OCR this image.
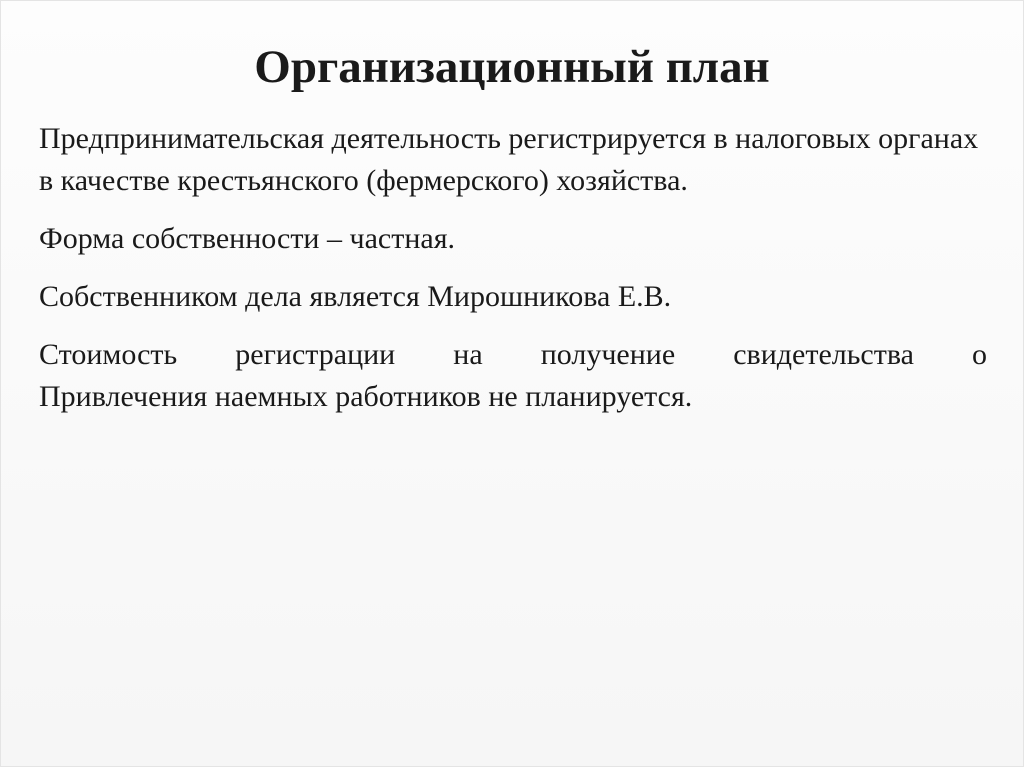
Организационный план

Предпринимательская деятельность регистрируется в налоговых органах в качестве крестьянского (фермерского) хозяйства.

Форма собственности – частная.

Собственником дела является Мирошникова Е.В.

Стоимость регистрации на получение свидетельства о

Привлечения наемных работников не планируется.
